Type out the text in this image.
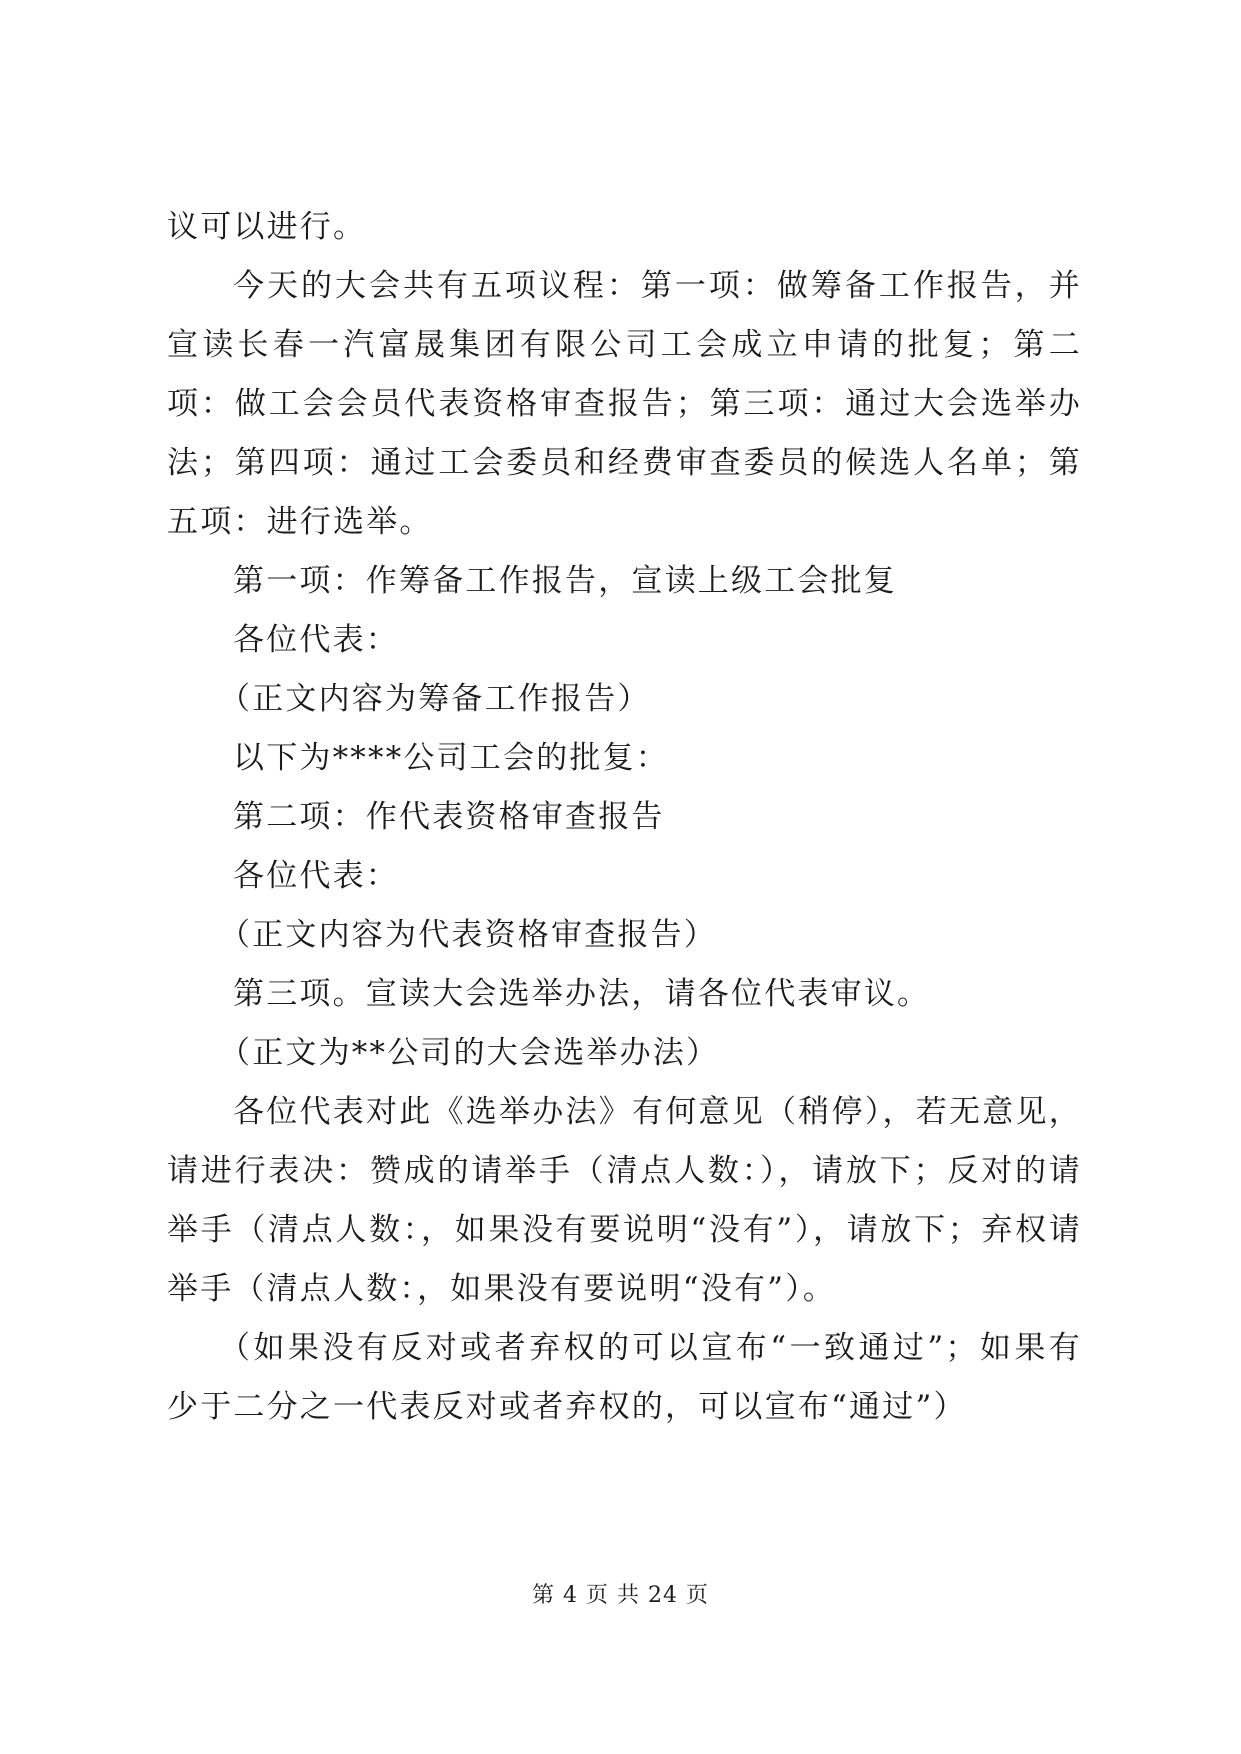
议可以进行。

今天的大会共有五项议程：第一项：做筹备工作报告，并宣读长春一汽富晟集团有限公司工会成立申请的批复；第二项：做工会会员代表资格审查报告；第三项：通过大会选举办法；第四项：通过工会委员和经费审查委员的候选人名单；第五项：进行选举。

第一项：作筹备工作报告，宣读上级工会批复

各位代表：

（正文内容为筹备工作报告）

以下为****公司工会的批复：

第二项：作代表资格审查报告

各位代表：

（正文内容为代表资格审查报告）

第三项。宣读大会选举办法，请各位代表审议。

（正文为**公司的大会选举办法）

各位代表对此《选举办法》有何意见（稍停），若无意见，请进行表决：赞成的请举手（清点人数：），请放下；反对的请举手（清点人数：，如果没有要说明“没有”），请放下；弃权请举手（清点人数：，如果没有要说明“没有”）。

（如果没有反对或者弃权的可以宣布“一致通过”；如果有少于二分之一代表反对或者弃权的，可以宣布“通过”）

第 4 页 共 24 页
